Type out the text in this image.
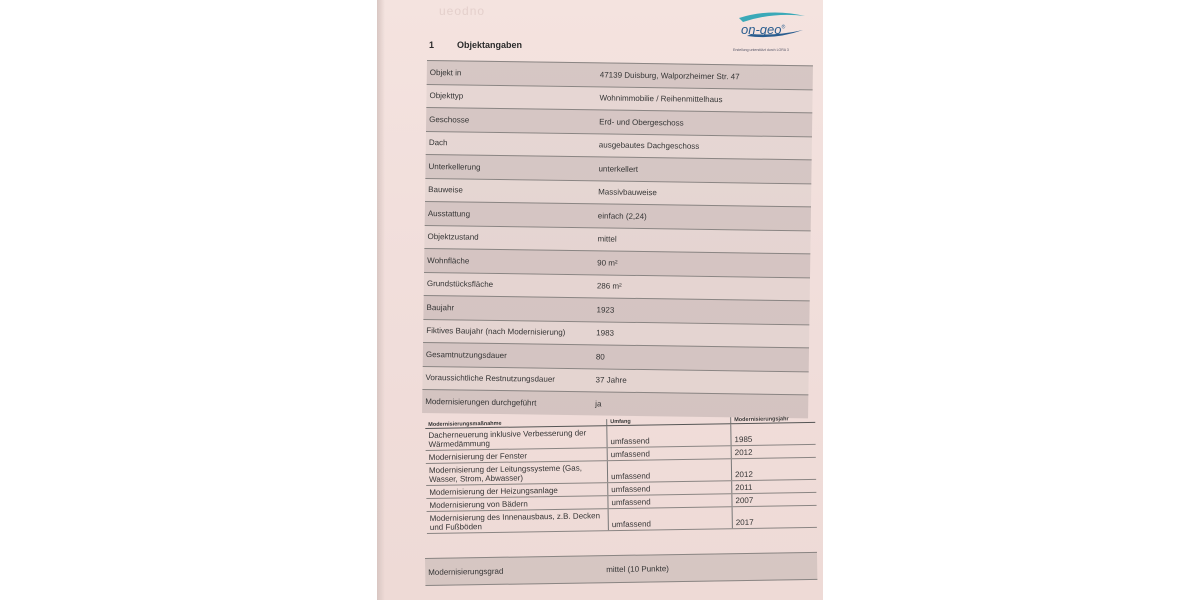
ueodno
1	Objektangaben
on-geo®
Erstellung unterstützt durch LORA 3
Objekt in	47139 Duisburg, Walporzheimer Str. 47
Objekttyp	Wohnimmobilie / Reihenmittelhaus
Geschosse	Erd- und Obergeschoss
Dach	ausgebautes Dachgeschoss
Unterkellerung	unterkellert
Bauweise	Massivbauweise
Ausstattung	einfach (2,24)
Objektzustand	mittel
Wohnfläche	90 m²
Grundstücksfläche	286 m²
Baujahr	1923
Fiktives Baujahr (nach Modernisierung)	1983
Gesamtnutzungsdauer	80
Voraussichtliche Restnutzungsdauer	37 Jahre
Modernisierungen durchgeführt	ja
Modernisierungsmaßnahme	Umfang	Modernisierungsjahr
Dacherneuerung inklusive Verbesserung der Wärmedämmung	umfassend	1985
Modernisierung der Fenster	umfassend	2012
Modernisierung der Leitungssysteme (Gas, Wasser, Strom, Abwasser)	umfassend	2012
Modernisierung der Heizungsanlage	umfassend	2011
Modernisierung von Bädern	umfassend	2007
Modernisierung des Innenausbaus, z.B. Decken und Fußböden	umfassend	2017
Modernisierungsgrad	mittel (10 Punkte)
